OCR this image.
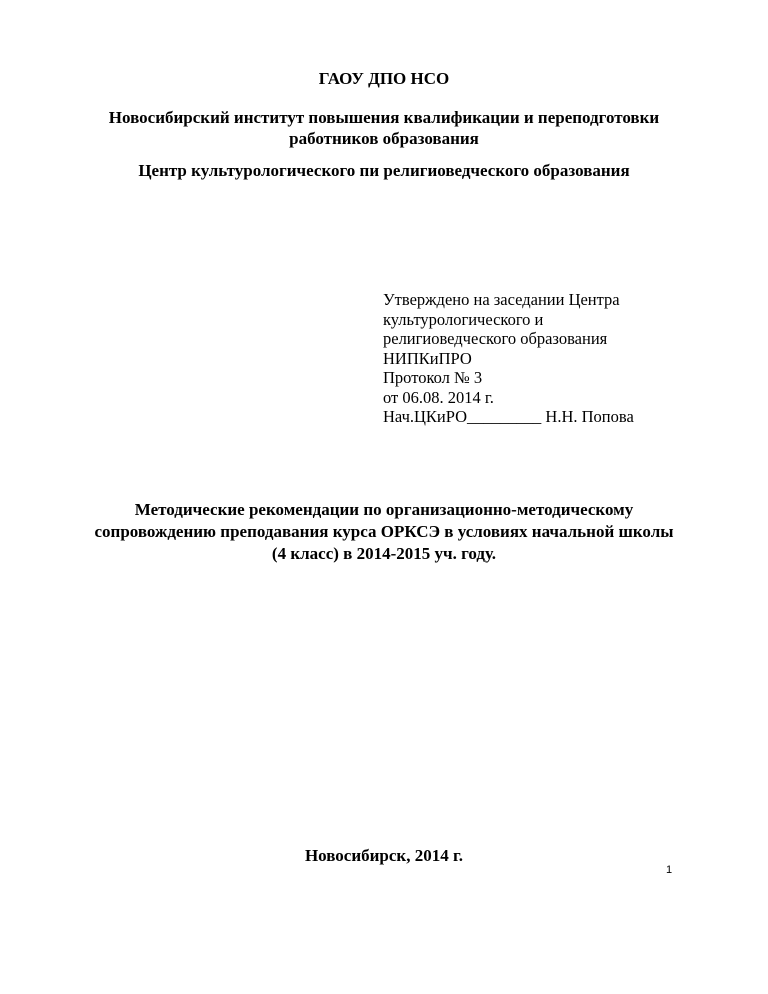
ГАОУ ДПО НСО
Новосибирский институт повышения квалификации и переподготовки
работников образования
Центр культурологического пи религиоведческого образования
Утверждено на заседании Центра
культурологического и
религиоведческого образования
НИПКиПРО
Протокол № 3
от 06.08. 2014 г.
Нач.ЦКиРО_________ Н.Н. Попова
Методические рекомендации по организационно-методическому
сопровождению преподавания курса ОРКСЭ в условиях начальной школы
(4 класс) в 2014-2015 уч. году.
Новосибирск, 2014 г.
1
